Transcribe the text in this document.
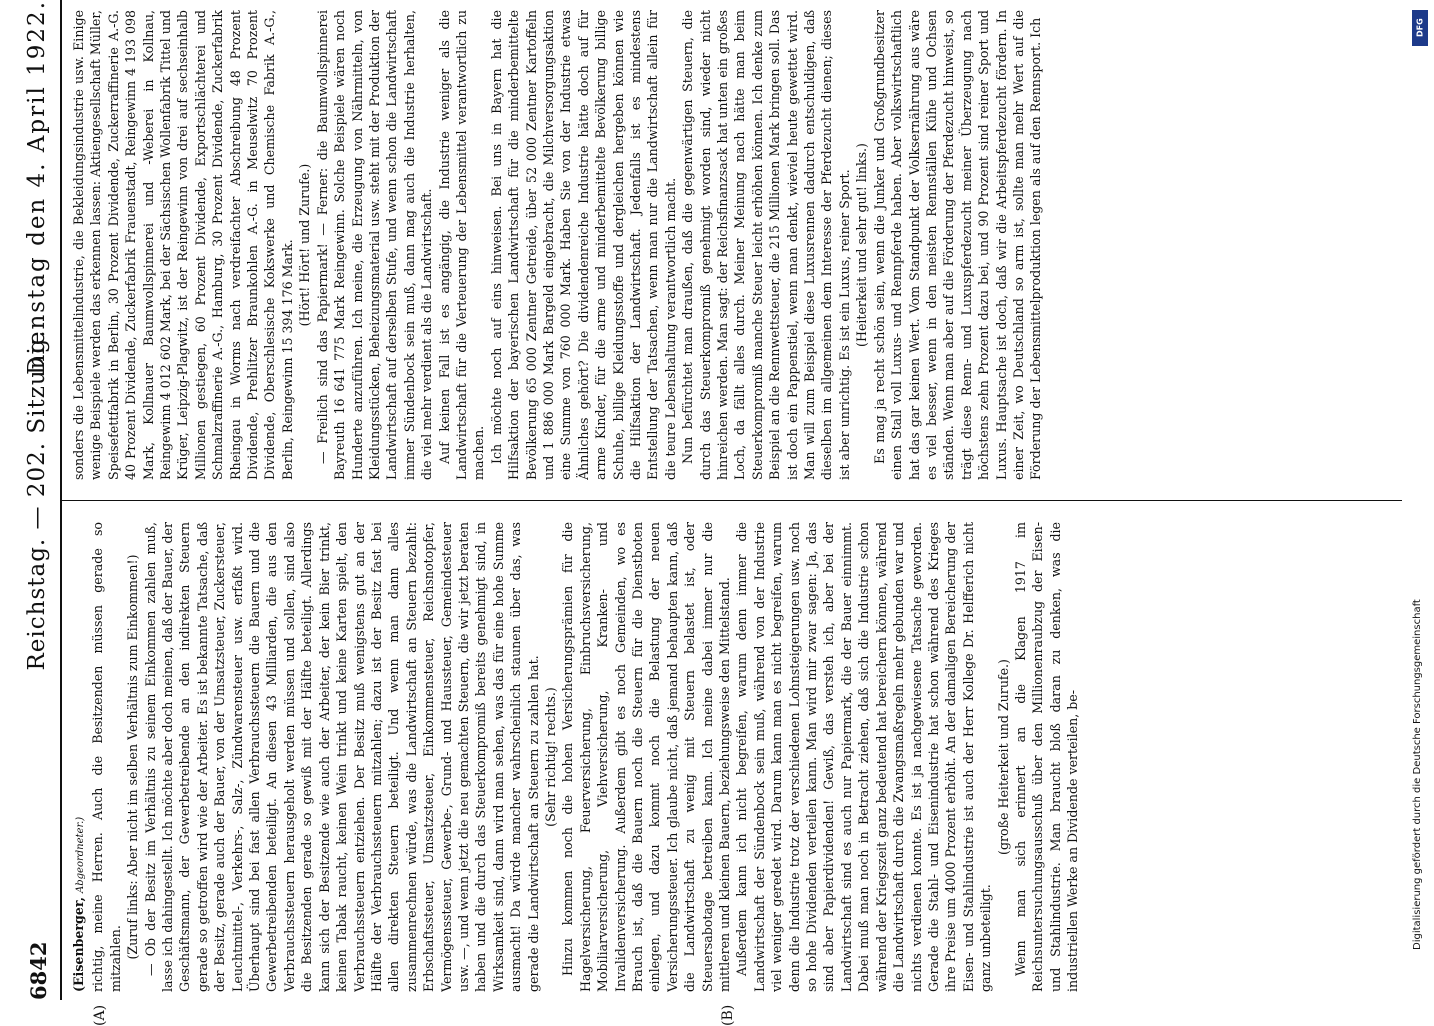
6842
Reichstag. — 202. Sitzung.
Dienstag den 4. April 1922.
(A)	(B)

(Eisenberger, Abgeordneter.) richtig, meine Herren. Auch die Besitzenden müssen gerade so mitzahlen. (Zuruf links: Aber nicht im selben Verhältnis zum Einkommen!) — Ob der Besitz im Verhältnis zu seinem Einkommen zahlen muß, lasse ich dahingestellt. Ich möchte aber doch meinen, daß der Bauer, der Geschäftsmann, der Gewerbetreibende an den indirekten Steuern gerade so getroffen wird wie der Arbeiter. Es ist bekannte Tatsache, daß der Besitz, gerade auch der Bauer, von der Umsatzsteuer, Zuckersteuer, Leuchtmittel-, Verkehrs-, Salz-, Zündwarensteuer usw. erfaßt wird. Überhaupt sind bei fast allen Verbrauchssteuern die Bauern und die Gewerbetreibenden beteiligt. An diesen 43 Milliarden, die aus den Verbrauchssteuern herausgeholt werden müssen und sollen, sind also die Besitzenden gerade so gewiß mit der Hälfte beteiligt. Allerdings kann sich der Besitzende wie auch der Arbeiter, der kein Bier trinkt, keinen Tabak raucht, keinen Wein trinkt und keine Karten spielt, den Verbrauchssteuern entziehen. Der Besitz muß wenigstens gut an der Hälfte der Verbrauchssteuern mitzahlen; dazu ist der Besitz fast bei allen direkten Steuern beteiligt. Und wenn man dann alles zusammenrechnen würde, was die Landwirtschaft an Steuern bezahlt: Erbschaftssteuer, Umsatzsteuer, Einkommensteuer, Reichsnotopfer, Vermögenssteuer, Gewerbe-, Grund- und Haussteuer, Gemeindesteuer usw. —, und wenn jetzt die neu gemachten Steuern, die wir jetzt beraten haben und die durch das Steuerkompromiß bereits genehmigt sind, in Wirksamkeit sind, dann wird man sehen, was das für eine hohe Summe ausmacht! Da würde mancher wahrscheinlich staunen über das, was gerade die Landwirtschaft an Steuern zu zahlen hat. (Sehr richtig! rechts.) Hinzu kommen noch die hohen Versicherungsprämien für die Hagelversicherung, Feuerversicherung, Einbruchsversicherung, Mobiliarversicherung, Viehversicherung, Kranken- und Invalidenversicherung. Außerdem gibt es noch Gemeinden, wo es Brauch ist, daß die Bauern noch die Steuern für die Dienstboten einlegen, und dazu kommt noch die Belastung der neuen Versicherungssteuer. Ich glaube nicht, daß jemand behaupten kann, daß die Landwirtschaft zu wenig mit Steuern belastet ist, oder Steuersabotage betreiben kann. Ich meine dabei immer nur die mittleren und kleinen Bauern, beziehungsweise den Mittelstand. Außerdem kann ich nicht begreifen, warum denn immer die Landwirtschaft der Sündenbock sein muß, während von der Industrie viel weniger geredet wird. Darum kann man es nicht begreifen, warum denn die Industrie trotz der verschiedenen Lohnsteigerungen usw. noch so hohe Dividenden verteilen kann. Man wird mir zwar sagen: Ja, das sind aber Papierdividenden! Gewiß, das versteh ich, aber bei der Landwirtschaft sind es auch nur Papiermark, die der Bauer einnimmt. Dabei muß man noch in Betracht ziehen, daß sich die Industrie schon während der Kriegszeit ganz bedeutend hat bereichern können, während die Landwirtschaft durch die Zwangsmaßregeln mehr gebunden war und nichts verdienen konnte. Es ist ja nachgewiesene Tatsache geworden. Gerade die Stahl- und Eisenindustrie hat schon während des Krieges ihre Preise um 4000 Prozent erhöht. An der damaligen Bereicherung der Eisen- und Stahlindustrie ist auch der Herr Kollege Dr. Helfferich nicht ganz unbeteiligt.

(große Heiterkeit und Zurufe.) Wenn man sich erinnert an die Klagen 1917 im Reichsuntersuchungsausschuß über den Millionenraubzug der Eisen- und Stahlindustrie. Man braucht bloß daran zu denken, was die industriellen Werke an Dividende verteilen, be-

sonders die Lebensmittelindustrie, die Bekleidungsindustrie usw. Einige wenige Beispiele werden das erkennen lassen: Aktiengesellschaft Müller, Speisefettfabrik in Berlin, 30 Prozent Dividende, Zuckerraffinerie A.-G. 40 Prozent Dividende, Zuckerfabrik Frauenstadt, Reingewinn 4 193 098 Mark, Kollnauer Baumwollspinnerei und -Weberei in Kollnau, Reingewinn 4 012 602 Mark, bei der Sächsischen Wollenfabrik Tittel und Krüger, Leipzig-Plagwitz, ist der Reingewinn von drei auf sechseinhalb Millionen gestiegen, 60 Prozent Dividende, Exportschlächterei und Schmalzraffinerie A.-G., Hamburg, 30 Prozent Dividende, Zuckerfabrik Rheingau in Worms nach verdreifachter Abschreibung 48 Prozent Dividende, Prehlitzer Braunkohlen A.-G. in Meuselwitz 70 Prozent Dividende, Oberschlesische Kokswerke und Chemische Fabrik A.-G., Berlin, Reingewinn 15 394 176 Mark. (Hört! Hört! und Zurufe.) — Freilich sind das Papiermark! — Ferner: die Baumwollspinnerei Bayreuth 16 641 775 Mark Reingewinn. Solche Beispiele wären noch Hunderte anzuführen. Ich meine, die Erzeugung von Nährmitteln, von Kleidungsstücken, Beheizungsmaterial usw. steht mit der Produktion der Landwirtschaft auf derselben Stufe, und wenn schon die Landwirtschaft immer Sündenbock sein muß, dann mag auch die Industrie herhalten, die viel mehr verdient als die Landwirtschaft. Auf keinen Fall ist es angängig, die Industrie weniger als die Landwirtschaft für die Verteuerung der Lebensmittel verantwortlich zu machen. Ich möchte noch auf eins hinweisen. Bei uns in Bayern hat die Hilfsaktion der bayerischen Landwirtschaft für die minderbemittelte Bevölkerung 65 000 Zentner Getreide, über 52 000 Zentner Kartoffeln und 1 886 000 Mark Bargeld eingebracht, die Milchversorgungsaktion eine Summe von 760 000 Mark. Haben Sie von der Industrie etwas Ähnliches gehört? Die dividendenreiche Industrie hätte doch auf für arme Kinder, für die arme und minderbemittelte Bevölkerung billige Schuhe, billige Kleidungsstoffe und dergleichen hergeben können wie die Hilfsaktion der Landwirtschaft. Jedenfalls ist es mindestens Entstellung der Tatsachen, wenn man nur die Landwirtschaft allein für die teure Lebenshaltung verantwortlich macht. Nun befürchtet man draußen, daß die gegenwärtigen Steuern, die durch das Steuerkompromiß genehmigt worden sind, wieder nicht hinreichen werden. Man sagt: der Reichsfinanzsack hat unten ein großes Loch, da fällt alles durch. Meiner Meinung nach hätte man beim Steuerkompromiß manche Steuer leicht erhöhen können. Ich denke zum Beispiel an die Rennwettsteuer, die 215 Millionen Mark bringen soll. Das ist doch ein Pappenstiel, wenn man denkt, wieviel heute gewettet wird. Man will zum Beispiel diese Luxusrennen dadurch entschuldigen, daß dieselben im allgemeinen dem Interesse der Pferdezucht dienen; dieses ist aber unrichtig. Es ist ein Luxus, reiner Sport. (Heiterkeit und sehr gut! links.) Es mag ja recht schön sein, wenn die Junker und Großgrundbesitzer einen Stall voll Luxus- und Rennpferde haben. Aber volkswirtschaftlich hat das gar keinen Wert. Vom Standpunkt der Volksernährung aus wäre es viel besser, wenn in den meisten Rennställen Kühe und Ochsen ständen. Wenn man aber auf die Förderung der Pferdezucht hinweist, so trägt diese Renn- und Luxuspferdezucht meiner Überzeugung nach höchstens zehn Prozent dazu bei, und 90 Prozent sind reiner Sport und Luxus. Hauptsache ist doch, daß wir die Arbeitspferdezucht fördern. In einer Zeit, wo Deutschland so arm ist, sollte man mehr Wert auf die Förderung der Lebensmittelproduktion legen als auf den Rennsport. Ich	DFG
Digitalisierung gefördert durch die Deutsche Forschungsgemeinschaft
